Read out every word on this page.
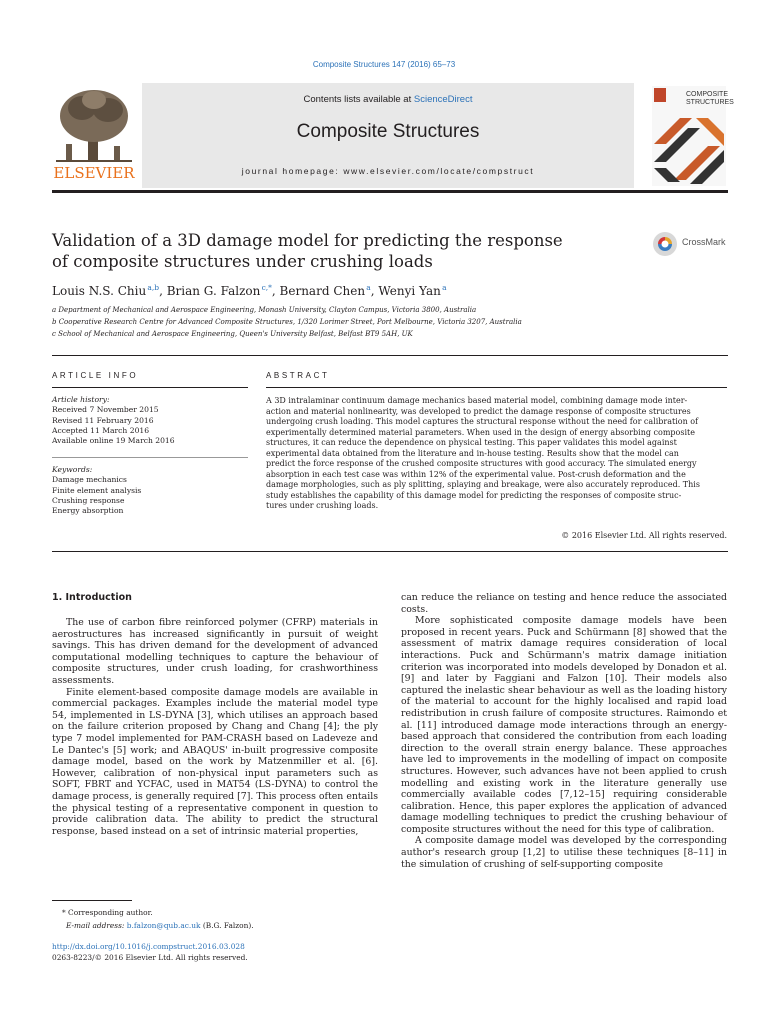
Composite Structures 147 (2016) 65–73
ELSEVIER
Contents lists available at ScienceDirect
Composite Structures
journal homepage: www.elsevier.com/locate/compstruct
COMPOSITE
STRUCTURES
Validation of a 3D damage model for predicting the response
of composite structures under crushing loads
CrossMark
Louis N.S. Chiu $^{a,b}$, Brian G. Falzon $^{c,*}$, Bernard Chen $^a$, Wenyi Yan $^a$
a Department of Mechanical and Aerospace Engineering, Monash University, Clayton Campus, Victoria 3800, Australia
b Cooperative Research Centre for Advanced Composite Structures, 1/320 Lorimer Street, Port Melbourne, Victoria 3207, Australia
c School of Mechanical and Aerospace Engineering, Queen's University Belfast, Belfast BT9 5AH, UK
ARTICLE INFO
Article history:
Received 7 November 2015
Revised 11 February 2016
Accepted 11 March 2016
Available online 19 March 2016
Keywords:
Damage mechanics
Finite element analysis
Crushing response
Energy absorption
ABSTRACT
A 3D intralaminar continuum damage mechanics based material model, combining damage mode inter-
action and material nonlinearity, was developed to predict the damage response of composite structures
undergoing crush loading. This model captures the structural response without the need for calibration of
experimentally determined material parameters. When used in the design of energy absorbing composite
structures, it can reduce the dependence on physical testing. This paper validates this model against
experimental data obtained from the literature and in-house testing. Results show that the model can
predict the force response of the crushed composite structures with good accuracy. The simulated energy
absorption in each test case was within 12% of the experimental value. Post-crush deformation and the
damage morphologies, such as ply splitting, splaying and breakage, were also accurately reproduced. This
study establishes the capability of this damage model for predicting the responses of composite struc-
tures under crushing loads.
© 2016 Elsevier Ltd. All rights reserved.
1. Introduction

The use of carbon fibre reinforced polymer (CFRP) materials in aerostructures has increased significantly in pursuit of weight savings. This has driven demand for the development of advanced computational modelling techniques to capture the behaviour of composite structures, under crush loading, for crashworthiness assessments.

Finite element-based composite damage models are available in commercial packages. Examples include the material model type 54, implemented in LS-DYNA [3], which utilises an approach based on the failure criterion proposed by Chang and Chang [4]; the ply type 7 model implemented for PAM-CRASH based on Ladeveze and Le Dantec's [5] work; and ABAQUS' in-built progressive composite damage model, based on the work by Matzenmiller et al. [6]. However, calibration of non-physical input parameters such as SOFT, FBRT and YCFAC, used in MAT54 (LS-DYNA) to control the damage process, is generally required [7]. This process often entails the physical testing of a representative component in question to provide calibration data. The ability to predict the structural response, based instead on a set of intrinsic material properties,

can reduce the reliance on testing and hence reduce the associated costs.

More sophisticated composite damage models have been proposed in recent years. Puck and Schürmann [8] showed that the assessment of matrix damage requires consideration of local interactions. Puck and Schürmann's matrix damage initiation criterion was incorporated into models developed by Donadon et al. [9] and later by Faggiani and Falzon [10]. Their models also captured the inelastic shear behaviour as well as the loading history of the material to account for the highly localised and rapid load redistribution in crush failure of composite structures. Raimondo et al. [11] introduced damage mode interactions through an energy-based approach that considered the contribution from each loading direction to the overall strain energy balance. These approaches have led to improvements in the modelling of impact on composite structures. However, such advances have not been applied to crush modelling and existing work in the literature generally use commercially available codes [7,12–15] requiring considerable calibration. Hence, this paper explores the application of advanced damage modelling techniques to predict the crushing behaviour of composite structures without the need for this type of calibration.

A composite damage model was developed by the corresponding author's research group [1,2] to utilise these techniques [8–11] in the simulation of crushing of self-supporting composite

* Corresponding author.
E-mail address: b.falzon@qub.ac.uk (B.G. Falzon).
http://dx.doi.org/10.1016/j.compstruct.2016.03.028
0263-8223/© 2016 Elsevier Ltd. All rights reserved.
